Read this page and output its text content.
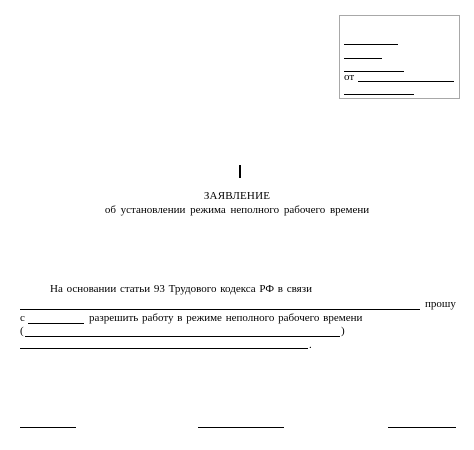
от
ЗАЯВЛЕНИЕ
об установлении режима неполного рабочего времени
На основании статьи 93 Трудового кодекса РФ в связи
прошу
с	разрешить работу в режиме неполного рабочего времени
(	)
.
